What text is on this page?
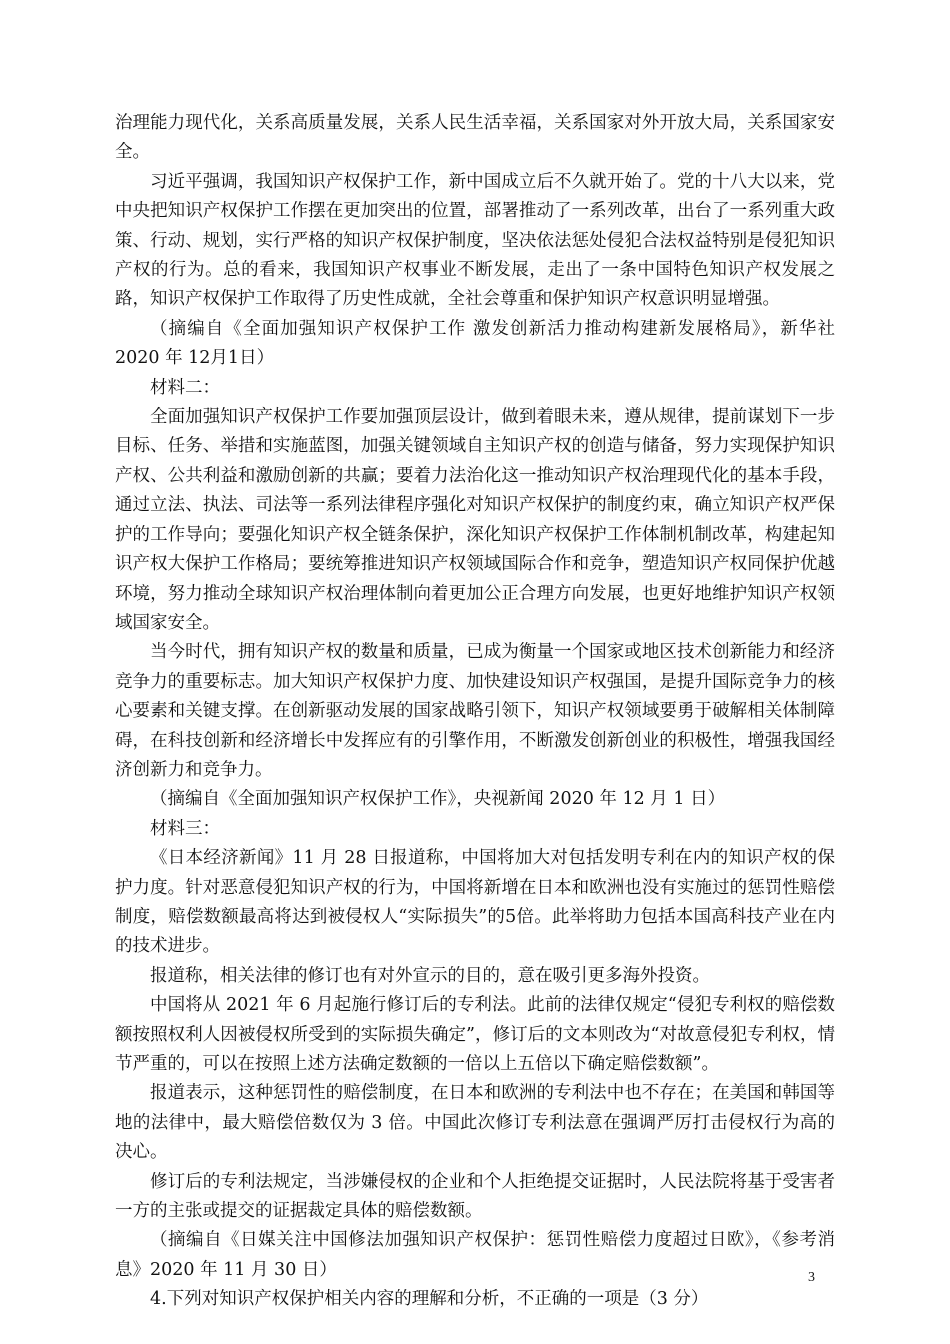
治理能力现代化，关系高质量发展，关系人民生活幸福，关系国家对外开放大局，关系国家安全。

习近平强调，我国知识产权保护工作，新中国成立后不久就开始了。党的十八大以来，党中央把知识产权保护工作摆在更加突出的位置，部署推动了一系列改革，出台了一系列重大政策、行动、规划，实行严格的知识产权保护制度，坚决依法惩处侵犯合法权益特别是侵犯知识产权的行为。总的看来，我国知识产权事业不断发展，走出了一条中国特色知识产权发展之路，知识产权保护工作取得了历史性成就，全社会尊重和保护知识产权意识明显增强。

（摘编自《全面加强知识产权保护工作 激发创新活力推动构建新发展格局》，新华社 2020 年 12月1日）

材料二：

全面加强知识产权保护工作要加强顶层设计，做到着眼未来，遵从规律，提前谋划下一步目标、任务、举措和实施蓝图，加强关键领域自主知识产权的创造与储备，努力实现保护知识产权、公共利益和激励创新的共赢；要着力法治化这一推动知识产权治理现代化的基本手段，通过立法、执法、司法等一系列法律程序强化对知识产权保护的制度约束，确立知识产权严保护的工作导向；要强化知识产权全链条保护，深化知识产权保护工作体制机制改革，构建起知识产权大保护工作格局；要统筹推进知识产权领域国际合作和竞争，塑造知识产权同保护优越环境，努力推动全球知识产权治理体制向着更加公正合理方向发展，也更好地维护知识产权领域国家安全。

当今时代，拥有知识产权的数量和质量，已成为衡量一个国家或地区技术创新能力和经济竞争力的重要标志。加大知识产权保护力度、加快建设知识产权强国，是提升国际竞争力的核心要素和关键支撑。在创新驱动发展的国家战略引领下，知识产权领域要勇于破解相关体制障碍，在科技创新和经济增长中发挥应有的引擎作用，不断激发创新创业的积极性，增强我国经济创新力和竞争力。

（摘编自《全面加强知识产权保护工作》，央视新闻 2020 年 12 月 1 日）

材料三：

《日本经济新闻》11 月 28 日报道称，中国将加大对包括发明专利在内的知识产权的保护力度。针对恶意侵犯知识产权的行为，中国将新增在日本和欧洲也没有实施过的惩罚性赔偿制度，赔偿数额最高将达到被侵权人“实际损失”的5倍。此举将助力包括本国高科技产业在内的技术进步。

报道称，相关法律的修订也有对外宣示的目的，意在吸引更多海外投资。

中国将从 2021 年 6 月起施行修订后的专利法。此前的法律仅规定“侵犯专利权的赔偿数额按照权利人因被侵权所受到的实际损失确定”，修订后的文本则改为“对故意侵犯专利权，情节严重的，可以在按照上述方法确定数额的一倍以上五倍以下确定赔偿数额”。

报道表示，这种惩罚性的赔偿制度，在日本和欧洲的专利法中也不存在；在美国和韩国等地的法律中，最大赔偿倍数仅为 3 倍。中国此次修订专利法意在强调严厉打击侵权行为高的决心。

修订后的专利法规定，当涉嫌侵权的企业和个人拒绝提交证据时，人民法院将基于受害者一方的主张或提交的证据裁定具体的赔偿数额。

（摘编自《日媒关注中国修法加强知识产权保护：惩罚性赔偿力度超过日欧》，《参考消息》2020 年 11 月 30 日）

4.下列对知识产权保护相关内容的理解和分析，不正确的一项是（3 分）

3
